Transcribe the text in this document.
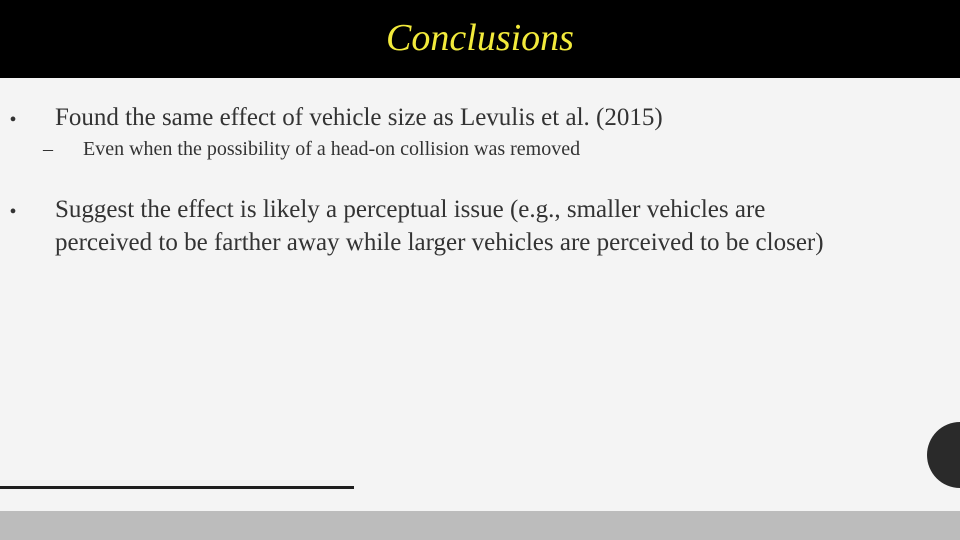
Conclusions
• Found the same effect of vehicle size as Levulis et al. (2015)
– Even when the possibility of a head-on collision was removed
• Suggest the effect is likely a perceptual issue (e.g., smaller vehicles are perceived to be farther away while larger vehicles are perceived to be closer)
